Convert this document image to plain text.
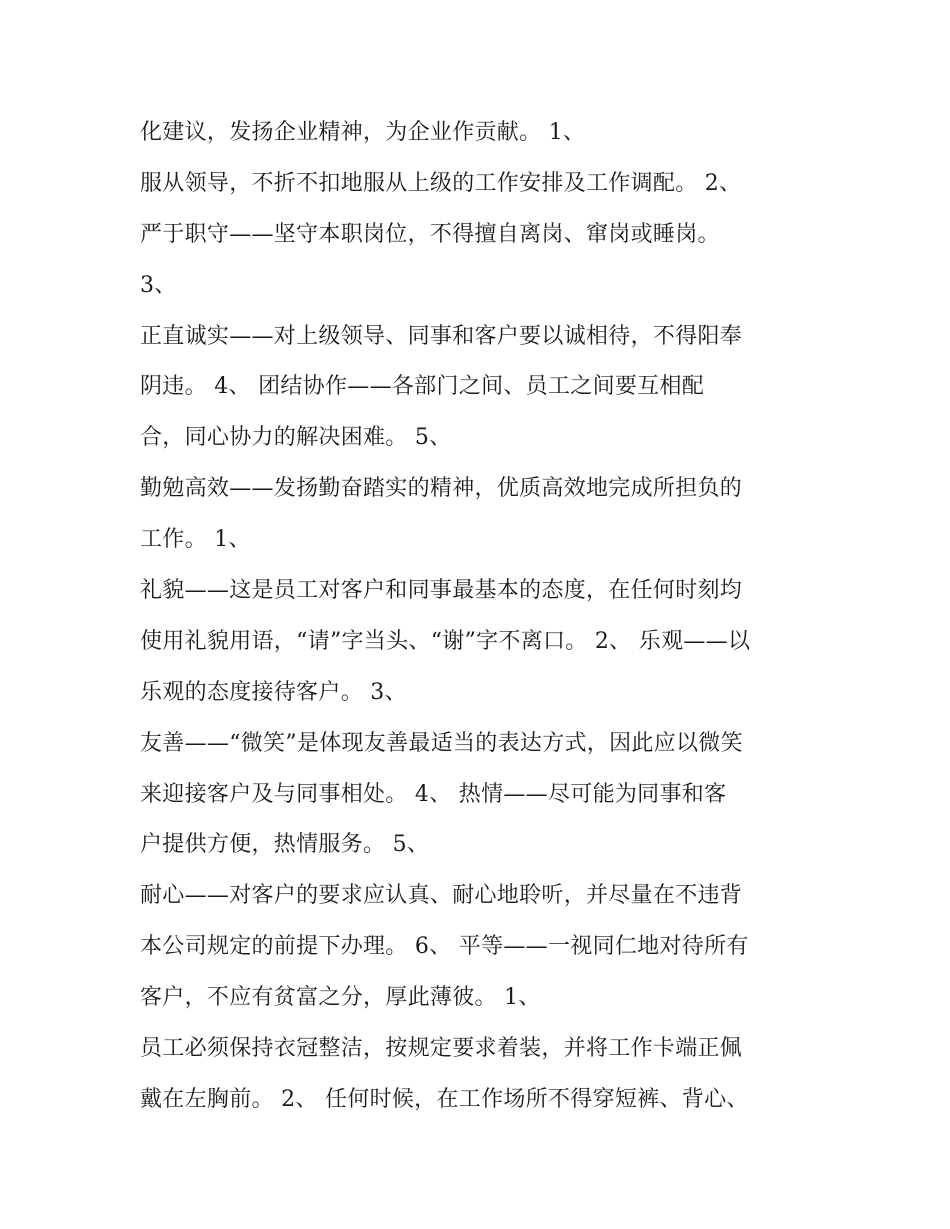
化建议，发扬企业精神，为企业作贡献。 1、
服从领导，不折不扣地服从上级的工作安排及工作调配。 2、
严于职守——坚守本职岗位，不得擅自离岗、窜岗或睡岗。
3、
正直诚实——对上级领导、同事和客户要以诚相待，不得阳奉
阴违。 4、 团结协作——各部门之间、员工之间要互相配
合，同心协力的解决困难。 5、
勤勉高效——发扬勤奋踏实的精神，优质高效地完成所担负的
工作。 1、
礼貌——这是员工对客户和同事最基本的态度，在任何时刻均
使用礼貌用语，“请”字当头、“谢”字不离口。 2、 乐观——以
乐观的态度接待客户。 3、
友善——“微笑”是体现友善最适当的表达方式，因此应以微笑
来迎接客户及与同事相处。 4、 热情——尽可能为同事和客
户提供方便，热情服务。 5、
耐心——对客户的要求应认真、耐心地聆听，并尽量在不违背
本公司规定的前提下办理。 6、 平等——一视同仁地对待所有
客户，不应有贫富之分，厚此薄彼。 1、
员工必须保持衣冠整洁，按规定要求着装，并将工作卡端正佩
戴在左胸前。 2、 任何时候，在工作场所不得穿短裤、背心、
